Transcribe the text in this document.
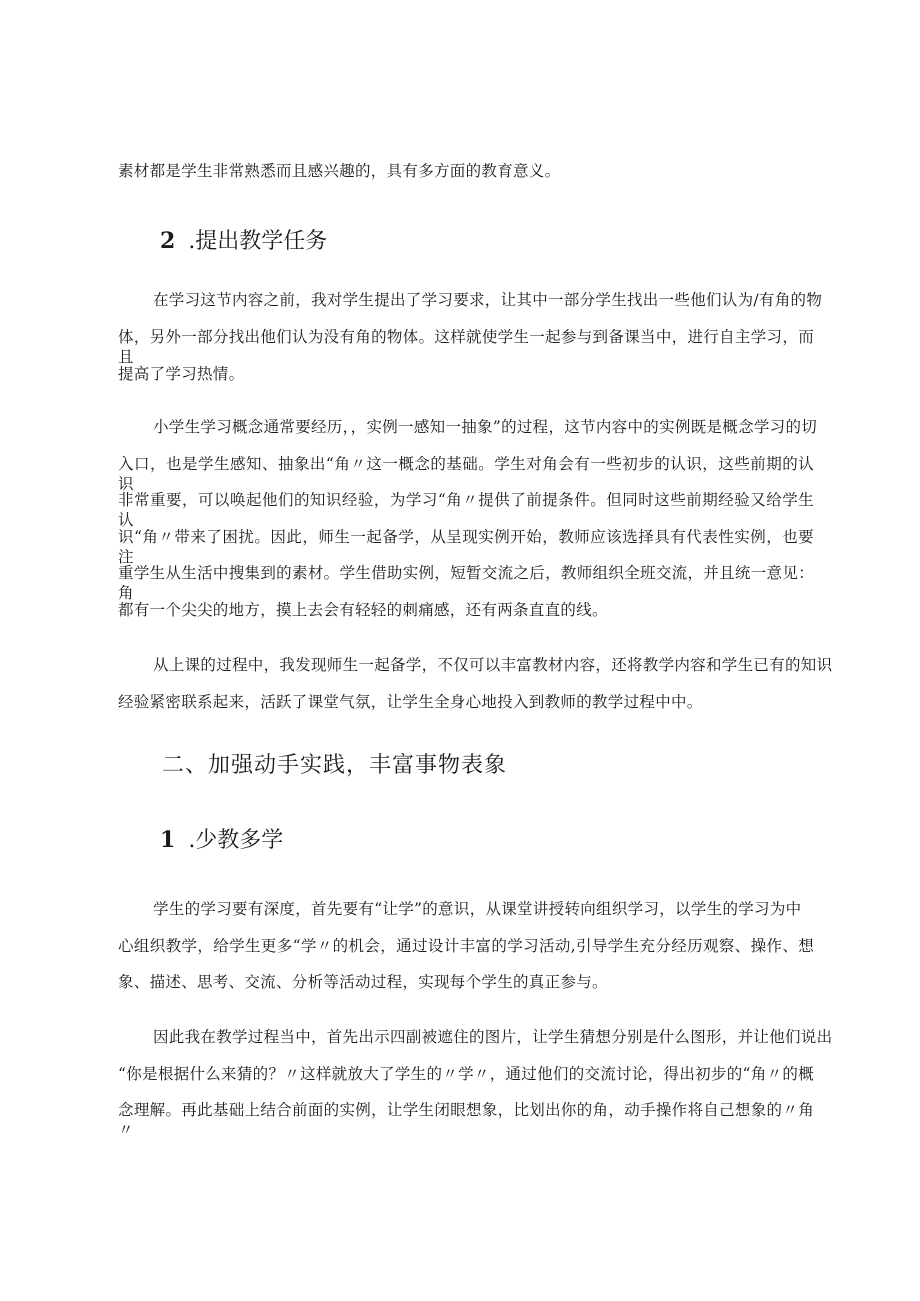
素材都是学生非常熟悉而且感兴趣的，具有多方面的教育意义。
2 .提出教学任务
在学习这节内容之前，我对学生提出了学习要求，让其中一部分学生找出一些他们认为/有角的物
体，另外一部分找出他们认为没有角的物体。这样就使学生一起参与到备课当中，进行自主学习，而且
提高了学习热情。
小学生学习概念通常要经历，，实例一感知一抽象”的过程，这节内容中的实例既是概念学习的切
入口，也是学生感知、抽象出“角〃这一概念的基础。学生对角会有一些初步的认识，这些前期的认识
非常重要，可以唤起他们的知识经验，为学习“角〃提供了前提条件。但同时这些前期经验又给学生认
识“角〃带来了困扰。因此，师生一起备学，从呈现实例开始，教师应该选择具有代表性实例，也要注
重学生从生活中搜集到的素材。学生借助实例，短暂交流之后，教师组织全班交流，并且统一意见：角
都有一个尖尖的地方，摸上去会有轻轻的刺痛感，还有两条直直的线。
从上课的过程中，我发现师生一起备学，不仅可以丰富教材内容，还将教学内容和学生已有的知识
经验紧密联系起来，活跃了课堂气氛，让学生全身心地投入到教师的教学过程中中。
二、加强动手实践，丰富事物表象
1 .少教多学
学生的学习要有深度，首先要有“让学”的意识，从课堂讲授转向组织学习，以学生的学习为中
心组织教学，给学生更多“学〃的机会，通过设计丰富的学习活动,引导学生充分经历观察、操作、想
象、描述、思考、交流、分析等活动过程，实现每个学生的真正参与。
因此我在教学过程当中，首先出示四副被遮住的图片，让学生猜想分别是什么图形，并让他们说出
“你是根据什么来猜的？〃这样就放大了学生的〃学〃，通过他们的交流讨论，得出初步的“角〃的概
念理解。再此基础上结合前面的实例，让学生闭眼想象，比划出你的角，动手操作将自己想象的〃角〃
